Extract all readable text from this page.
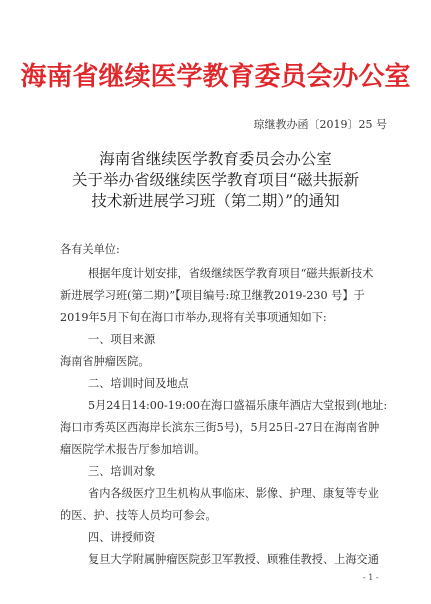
海南省继续医学教育委员会办公室
琼继教办函〔2019〕25 号
海南省继续医学教育委员会办公室
关于举办省级继续医学教育项目“磁共振新
技术新进展学习班（第二期）”的通知
各有关单位:
根据年度计划安排，省级继续医学教育项目“磁共振新技术
新进展学习班(第二期)”【项目编号:琼卫继教2019-230 号】于
2019年5月下旬在海口市举办,现将有关事项通知如下:
一、项目来源
海南省肿瘤医院。
二、培训时间及地点
5月24日14:00-19:00在海口盛福乐康年酒店大堂报到(地址:
海口市秀英区西海岸长滨东三街5号)，5月25日-27日在海南省肿
瘤医院学术报告厅参加培训。
三、培训对象
省内各级医疗卫生机构从事临床、影像、护理、康复等专业
的医、护、技等人员均可参会。
四、讲授师资
复旦大学附属肿瘤医院彭卫军教授、顾雅佳教授、上海交通
- 1 -
